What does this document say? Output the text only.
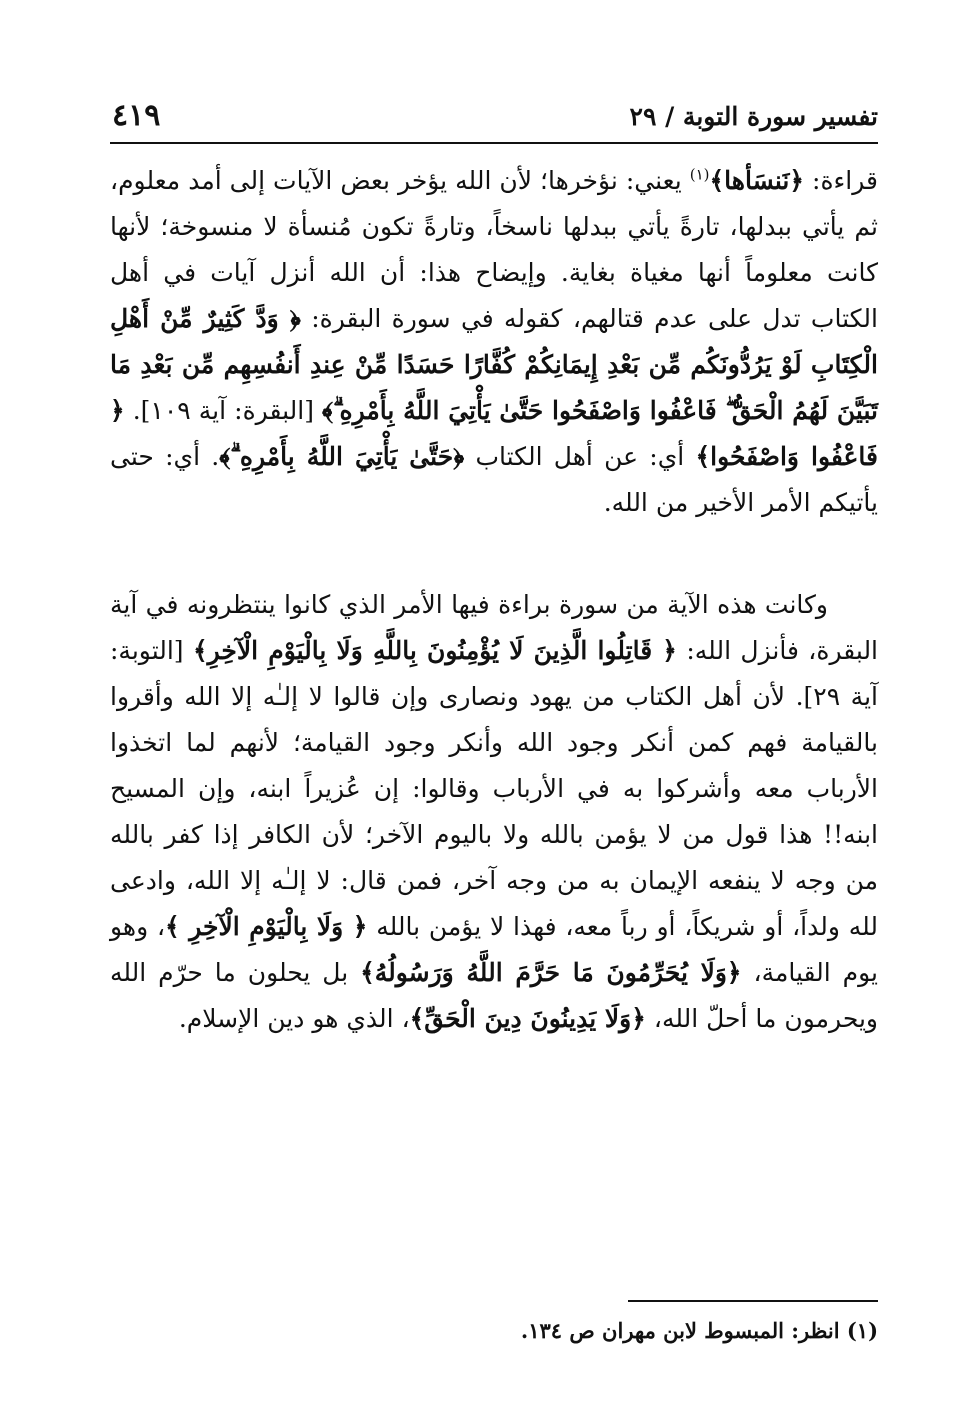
تفسير سورة التوبة / ٢٩
٤١٩

قراءة: ﴿نَنسَأها﴾$^{(١)}$ يعني: نؤخرها؛ لأن الله يؤخر بعض الآيات إلى أمد معلوم، ثم يأتي ببدلها، تارةً يأتي ببدلها ناسخاً، وتارةً تكون مُنسأة لا منسوخة؛ لأنها كانت معلوماً أنها مغياة بغاية. وإيضاح هذا: أن الله أنزل آيات في أهل الكتاب تدل على عدم قتالهم، كقوله في سورة البقرة: ﴿ وَدَّ كَثِيرٌ مِّنْ أَهْلِ الْكِتَابِ لَوْ يَرُدُّونَكُم مِّن بَعْدِ إِيمَانِكُمْ كُفَّارًا حَسَدًا مِّنْ عِندِ أَنفُسِهِم مِّن بَعْدِ مَا تَبَيَّنَ لَهُمُ الْحَقُّ ۖ فَاعْفُوا وَاصْفَحُوا حَتَّىٰ يَأْتِيَ اللَّهُ بِأَمْرِهِ ۗ﴾ [البقرة: آية ١٠٩]. ﴿ فَاعْفُوا وَاصْفَحُوا﴾ أي: عن أهل الكتاب ﴿حَتَّىٰ يَأْتِيَ اللَّهُ بِأَمْرِهِ ۗ﴾. أي: حتى يأتيكم الأمر الأخير من الله.

وكانت هذه الآية من سورة براءة فيها الأمر الذي كانوا ينتظرونه في آية البقرة، فأنزل الله: ﴿ قَاتِلُوا الَّذِينَ لَا يُؤْمِنُونَ بِاللَّهِ وَلَا بِالْيَوْمِ الْآخِرِ﴾ [التوبة: آية ٢٩]. لأن أهل الكتاب من يهود ونصارى وإن قالوا لا إلـٰه إلا الله وأقروا بالقيامة فهم كمن أنكر وجود الله وأنكر وجود القيامة؛ لأنهم لما اتخذوا الأرباب معه وأشركوا به في الأرباب وقالوا: إن عُزيراً ابنه، وإن المسيح ابنه!! هذا قول من لا يؤمن بالله ولا باليوم الآخر؛ لأن الكافر إذا كفر بالله من وجه لا ينفعه الإيمان به من وجه آخر، فمن قال: لا إلـٰه إلا الله، وادعى لله ولداً، أو شريكاً، أو رباً معه، فهذا لا يؤمن بالله ﴿ وَلَا بِالْيَوْمِ الْآخِرِ ﴾، وهو يوم القيامة، ﴿وَلَا يُحَرِّمُونَ مَا حَرَّمَ اللَّهُ وَرَسُولُهُ﴾ بل يحلون ما حرّم الله ويحرمون ما أحلّ الله، ﴿وَلَا يَدِينُونَ دِينَ الْحَقِّ﴾، الذي هو دين الإسلام.

(١) انظر: المبسوط لابن مهران ص ١٣٤.
